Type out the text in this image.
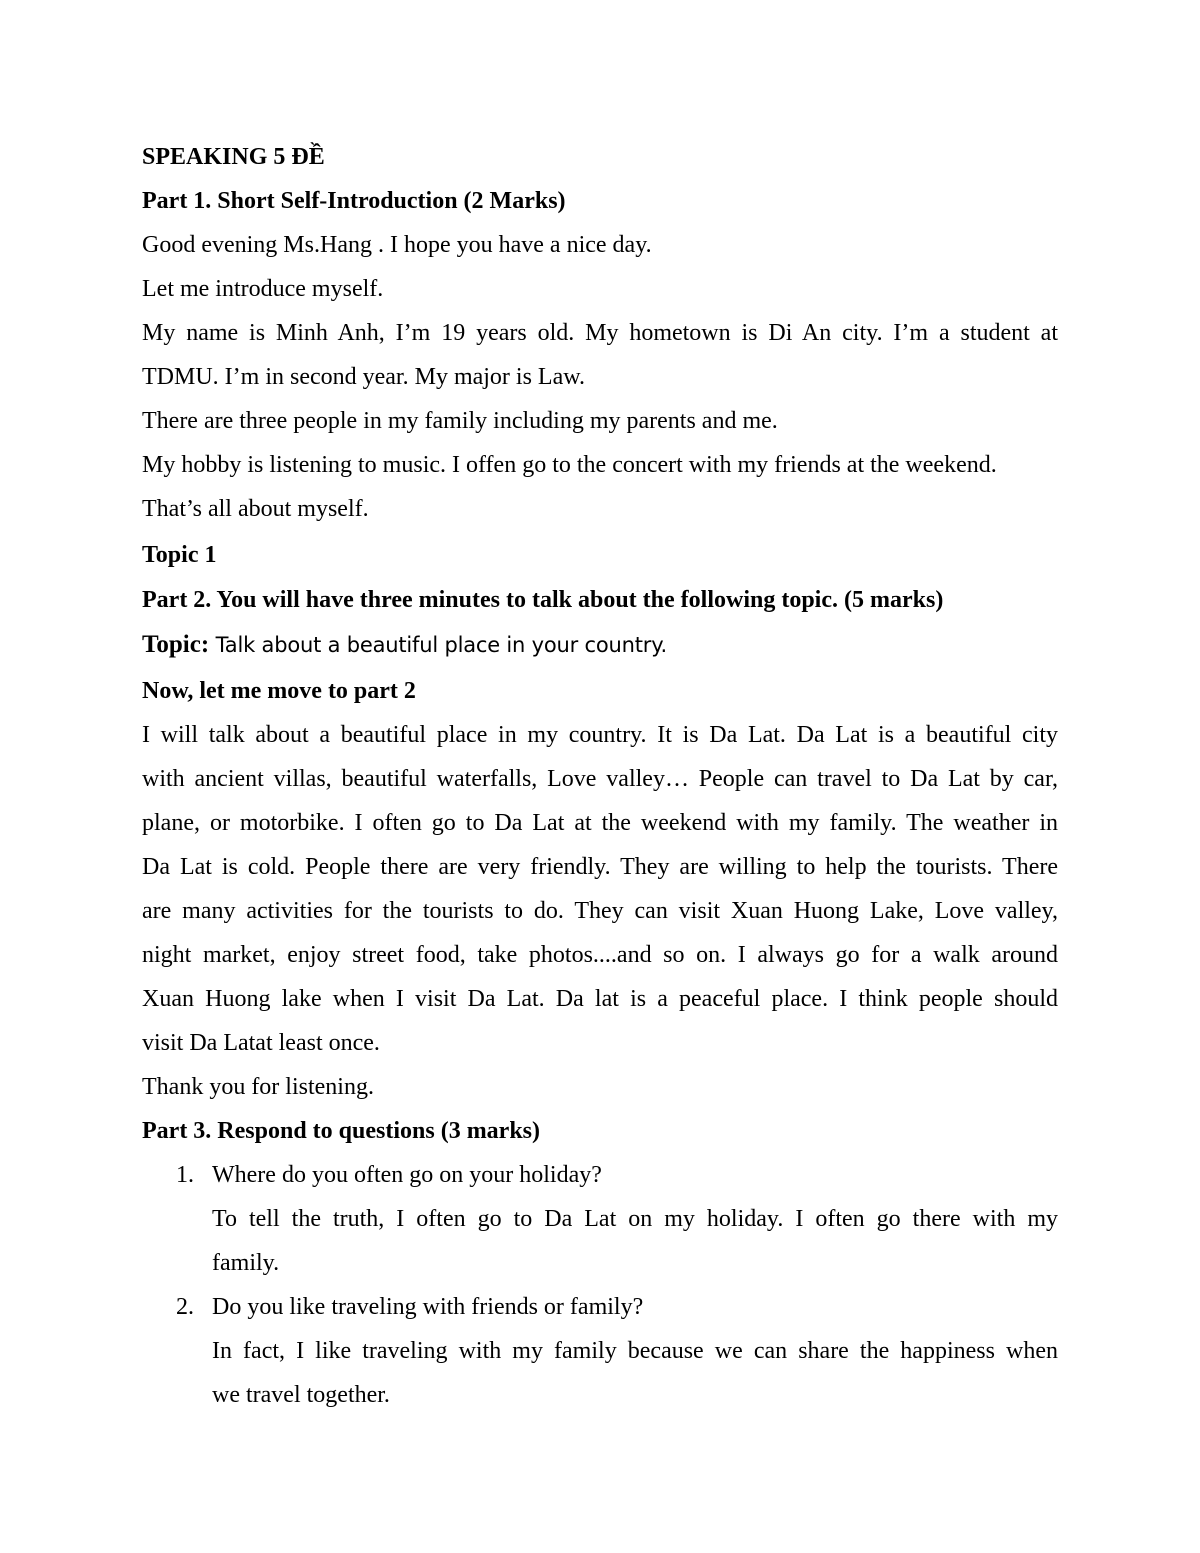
SPEAKING 5 ĐỀ
Part 1. Short Self-Introduction (2 Marks)
Good evening Ms.Hang . I hope you have a nice day.
Let me introduce myself.
My name is Minh Anh, I’m 19 years old. My hometown is Di An city. I’m a student at
TDMU. I’m in second year. My major is Law.
There are three people in my family including my parents and me.
My hobby is listening to music. I offen go to the concert with my friends at the weekend.
That’s all about myself.
Topic 1
Part 2. You will have three minutes to talk about the following topic. (5 marks)
Topic: Talk about a beautiful place in your country.
Now, let me move to part 2
I will talk about a beautiful place in my country. It is Da Lat. Da Lat is a beautiful city
with ancient villas, beautiful waterfalls, Love valley… People can travel to Da Lat by car,
plane, or motorbike. I often go to Da Lat at the weekend with my family. The weather in
Da Lat is cold. People there are very friendly. They are willing to help the tourists. There
are many activities for the tourists to do. They can visit Xuan Huong Lake, Love valley,
night market, enjoy street food, take photos....and so on. I always go for a walk around
Xuan Huong lake when I visit Da Lat. Da lat is a peaceful place. I think people should
visit Da Latat least once.
Thank you for listening.
Part 3. Respond to questions (3 marks)
1. Where do you often go on your holiday?
To tell the truth, I often go to Da Lat on my holiday. I often go there with my
family.
2. Do you like traveling with friends or family?
In fact, I like traveling with my family because we can share the happiness when
we travel together.
